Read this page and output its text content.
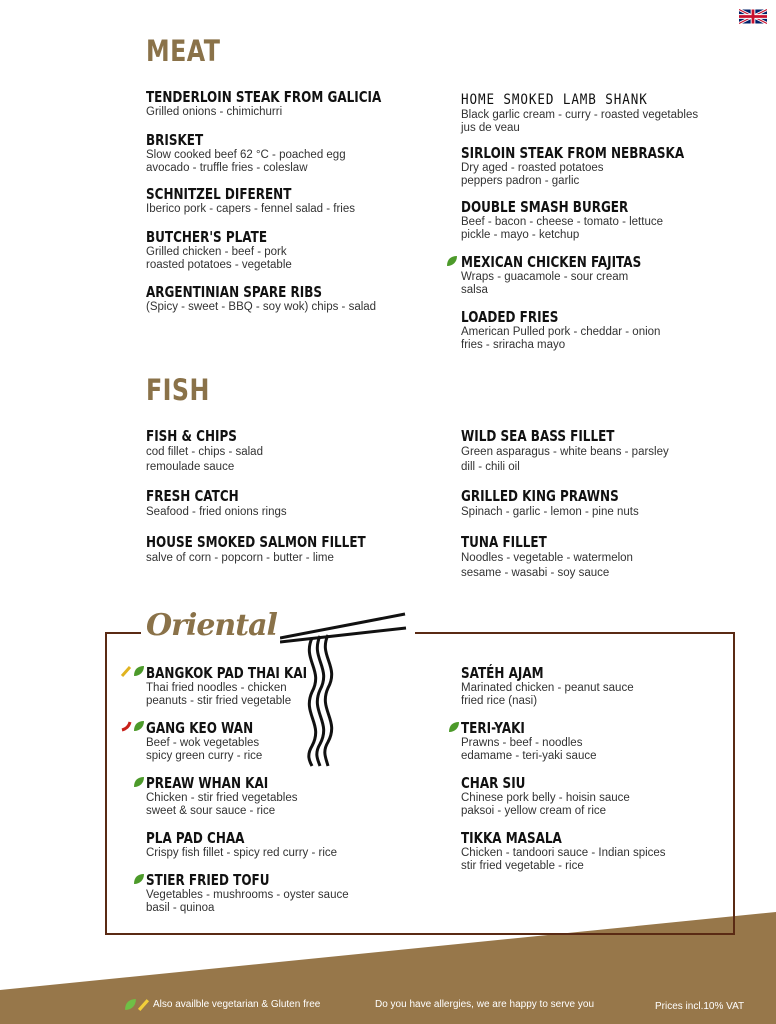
MEAT
TENDERLOIN STEAK FROM GALICIA
Grilled onions - chimichurri
BRISKET
Slow cooked beef 62 °C - poached egg
avocado - truffle fries - coleslaw
SCHNITZEL DIFERENT
Iberico pork - capers - fennel salad - fries
BUTCHER'S PLATE
Grilled chicken - beef - pork
roasted potatoes - vegetable
ARGENTINIAN SPARE RIBS
(Spicy - sweet - BBQ - soy wok) chips - salad
HOME SMOKED LAMB SHANK
Black garlic cream - curry - roasted vegetables
jus de veau
SIRLOIN STEAK FROM NEBRASKA
Dry aged - roasted potatoes
peppers padron - garlic
DOUBLE SMASH BURGER
Beef - bacon - cheese - tomato - lettuce
pickle - mayo - ketchup
MEXICAN CHICKEN FAJITAS
Wraps - guacamole - sour cream
salsa
LOADED FRIES
American Pulled pork - cheddar - onion
fries - sriracha mayo
FISH
FISH & CHIPS
cod fillet - chips - salad
remoulade sauce
FRESH CATCH
Seafood - fried onions rings
HOUSE SMOKED SALMON FILLET
salve of corn - popcorn - butter - lime
WILD SEA BASS FILLET
Green asparagus - white beans - parsley
dill - chili oil
GRILLED KING PRAWNS
Spinach - garlic - lemon - pine nuts
TUNA FILLET
Noodles - vegetable - watermelon
sesame - wasabi - soy sauce
Oriental
BANGKOK PAD THAI KAI
Thai fried noodles - chicken
peanuts - stir fried vegetable
GANG KEO WAN
Beef - wok vegetables
spicy green curry - rice
PREAW WHAN KAI
Chicken - stir fried vegetables
sweet & sour sauce - rice
PLA PAD CHAA
Crispy fish fillet - spicy red curry - rice
STIER FRIED TOFU
Vegetables - mushrooms - oyster sauce
basil - quinoa
SATÉH AJAM
Marinated chicken - peanut sauce
fried rice (nasi)
TERI-YAKI
Prawns - beef - noodles
edamame - teri-yaki sauce
CHAR SIU
Chinese pork belly - hoisin sauce
paksoi - yellow cream of rice
TIKKA MASALA
Chicken - tandoori sauce - Indian spices
stir fried vegetable - rice
Also availble vegetarian & Gluten free	Do you have allergies, we are happy to serve you	Prices incl.10% VAT
